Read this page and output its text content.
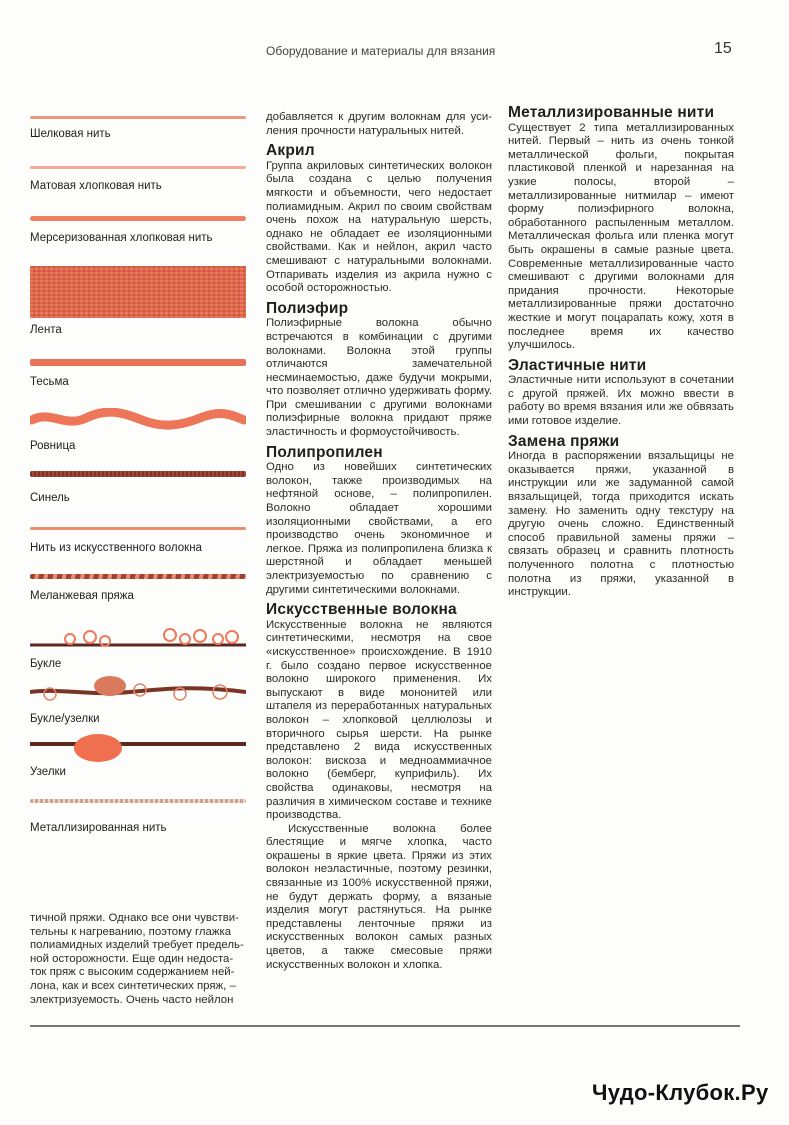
Оборудование и материалы для вязания	15
Шелковая нить
Матовая хлопковая нить
Мерсеризованная хлопковая нить
Лента
Тесьма
Ровница
Синель
Нить из искусственного волокна
Меланжевая пряжа
Букле
Букле/узелки
Узелки
Металлизированная нить
тичной пряжи. Однако все они чувстви-
тельны к нагреванию, поэтому глажка
полиамидных изделий требует предель-
ной осторожности. Еще один недоста-
ток пряж с высоким содержанием ней-
лона, как и всех синтетических пряж, –
электризуемость. Очень часто нейлон

добавляется к другим волокнам для уси-ления прочности натуральных нитей.

Акрил

Группа акриловых синтетических волокон была создана с целью получения мягкости и объемности, чего недостает полиамидным. Акрил по своим свойствам очень похож на натуральную шерсть, однако не обладает ее изоляционными свойствами. Как и нейлон, акрил часто смешивают с натуральными волокнами. Отпаривать изделия из акрила нужно с особой осторожностью.

Полиэфир

Полиэфирные волокна обычно встречаются в комбинации с другими волокнами. Волокна этой группы отличаются замечательной несминаемостью, даже будучи мокрыми, что позволяет отлично удерживать форму. При смешивании с другими волокнами полиэфирные волокна придают пряже эластичность и формоустойчивость.

Полипропилен

Одно из новейших синтетических волокон, также производимых на нефтяной основе, – полипропилен. Волокно обладает хорошими изоляционными свойствами, а его производство очень экономичное и легкое. Пряжа из полипропилена близка к шерстяной и обладает меньшей электризуемостью по сравнению с другими синтетическими волокнами.

Искусственные волокна

Искусственные волокна не являются синтетическими, несмотря на свое «искусственное» происхождение. В 1910 г. было создано первое искусственное волокно широкого применения. Их выпускают в виде мононитей или штапеля из переработанных натуральных волокон – хлопковой целлюлозы и вторичного сырья шерсти. На рынке представлено 2 вида искусственных волокон: вискоза и медноаммиачное волокно (бемберг, куприфиль). Их свойства одинаковы, несмотря на различия в химическом составе и технике производства.

Искусственные волокна более блестящие и мягче хлопка, часто окрашены в яркие цвета. Пряжи из этих волокон неэластичные, поэтому резинки, связанные из 100% искусственной пряжи, не будут держать форму, а вязаные изделия могут растянуться. На рынке представлены ленточные пряжи из искусственных волокон самых разных цветов, а также смесовые пряжи искусственных волокон и хлопка.

Металлизированные нити

Существует 2 типа металлизированных нитей. Первый – нить из очень тонкой металлической фольги, покрытая пластиковой пленкой и нарезанная на узкие полосы, второй – металлизированные нитмилар – имеют форму полиэфирного волокна, обработанного распыленным металлом. Металлическая фольга или пленка могут быть окрашены в самые разные цвета. Современные металлизированные часто смешивают с другими волокнами для придания прочности. Некоторые металлизированные пряжи достаточно жесткие и могут поцарапать кожу, хотя в последнее время их качество улучшилось.

Эластичные нити

Эластичные нити используют в сочетании с другой пряжей. Их можно ввести в работу во время вязания или же обвязать ими готовое изделие.

Замена пряжи

Иногда в распоряжении вязальщицы не оказывается пряжи, указанной в инструкции или же задуманной самой вязальщицей, тогда приходится искать замену. Но заменить одну текстуру на другую очень сложно. Единственный способ правильной замены пряжи – связать образец и сравнить плотность полученного полотна с плотностью полотна из пряжи, указанной в инструкции.

Чудо-Клубок.Ру
